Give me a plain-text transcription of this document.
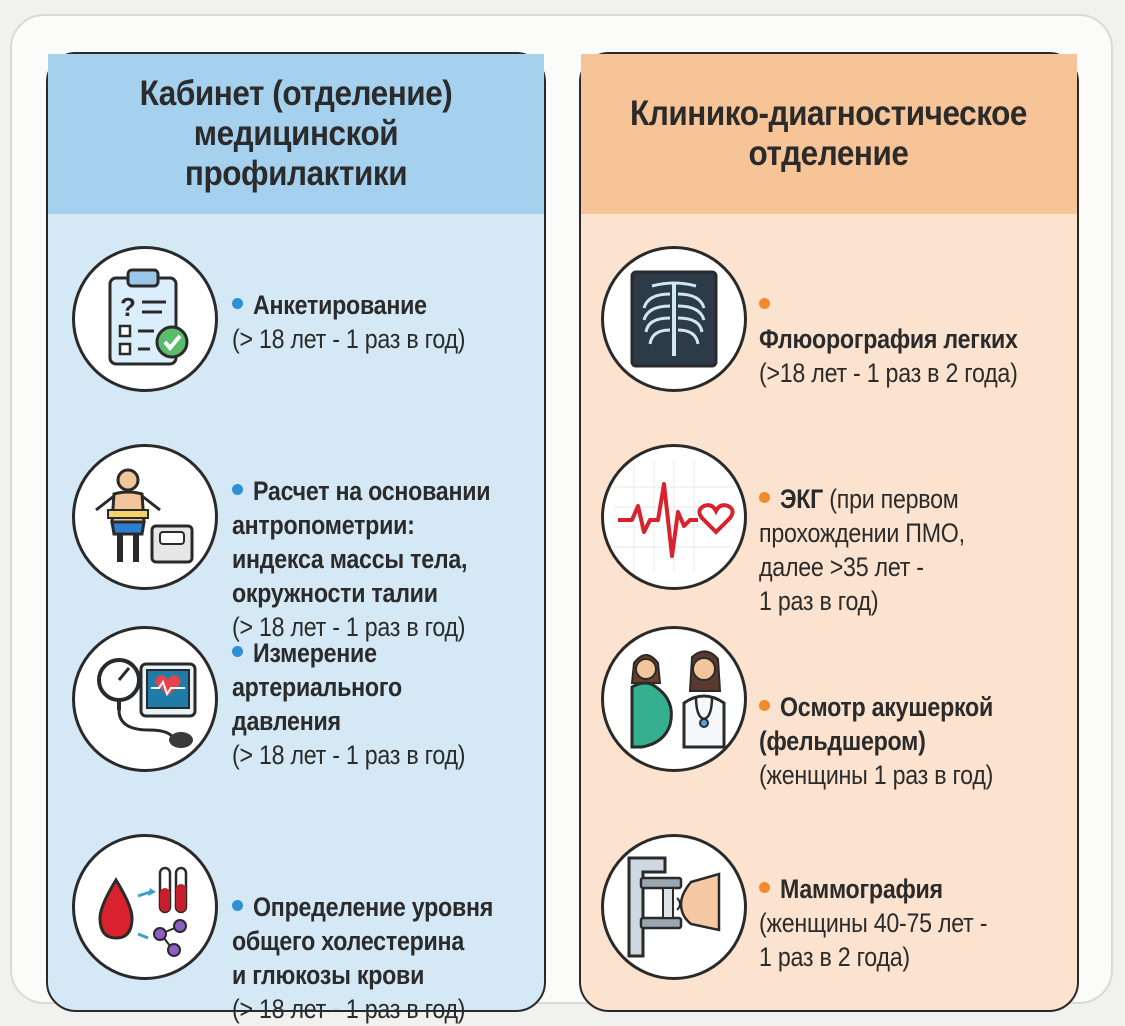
Кабинет (отделение)
медицинской профилактики
?	Анкетирование
(> 18 лет - 1 раз в год)
Расчет на основании
антропометрии:
индекса массы тела,
окружности талии
(> 18 лет - 1 раз в год)
Измерение
артериального
давления
(> 18 лет - 1 раз в год)
Определение уровня
общего холестерина
и глюкозы крови
(> 18 лет - 1 раз в год)
Клинико-диагностическое
отделение
Флюорография легких
(>18 лет - 1 раз в 2 года)
ЭКГ (при первом
прохождении ПМО,
далее >35 лет -
1 раз в год)
Осмотр акушеркой
(фельдшером)
(женщины 1 раз в год)
Маммография
(женщины 40-75 лет -
1 раз в 2 года)
